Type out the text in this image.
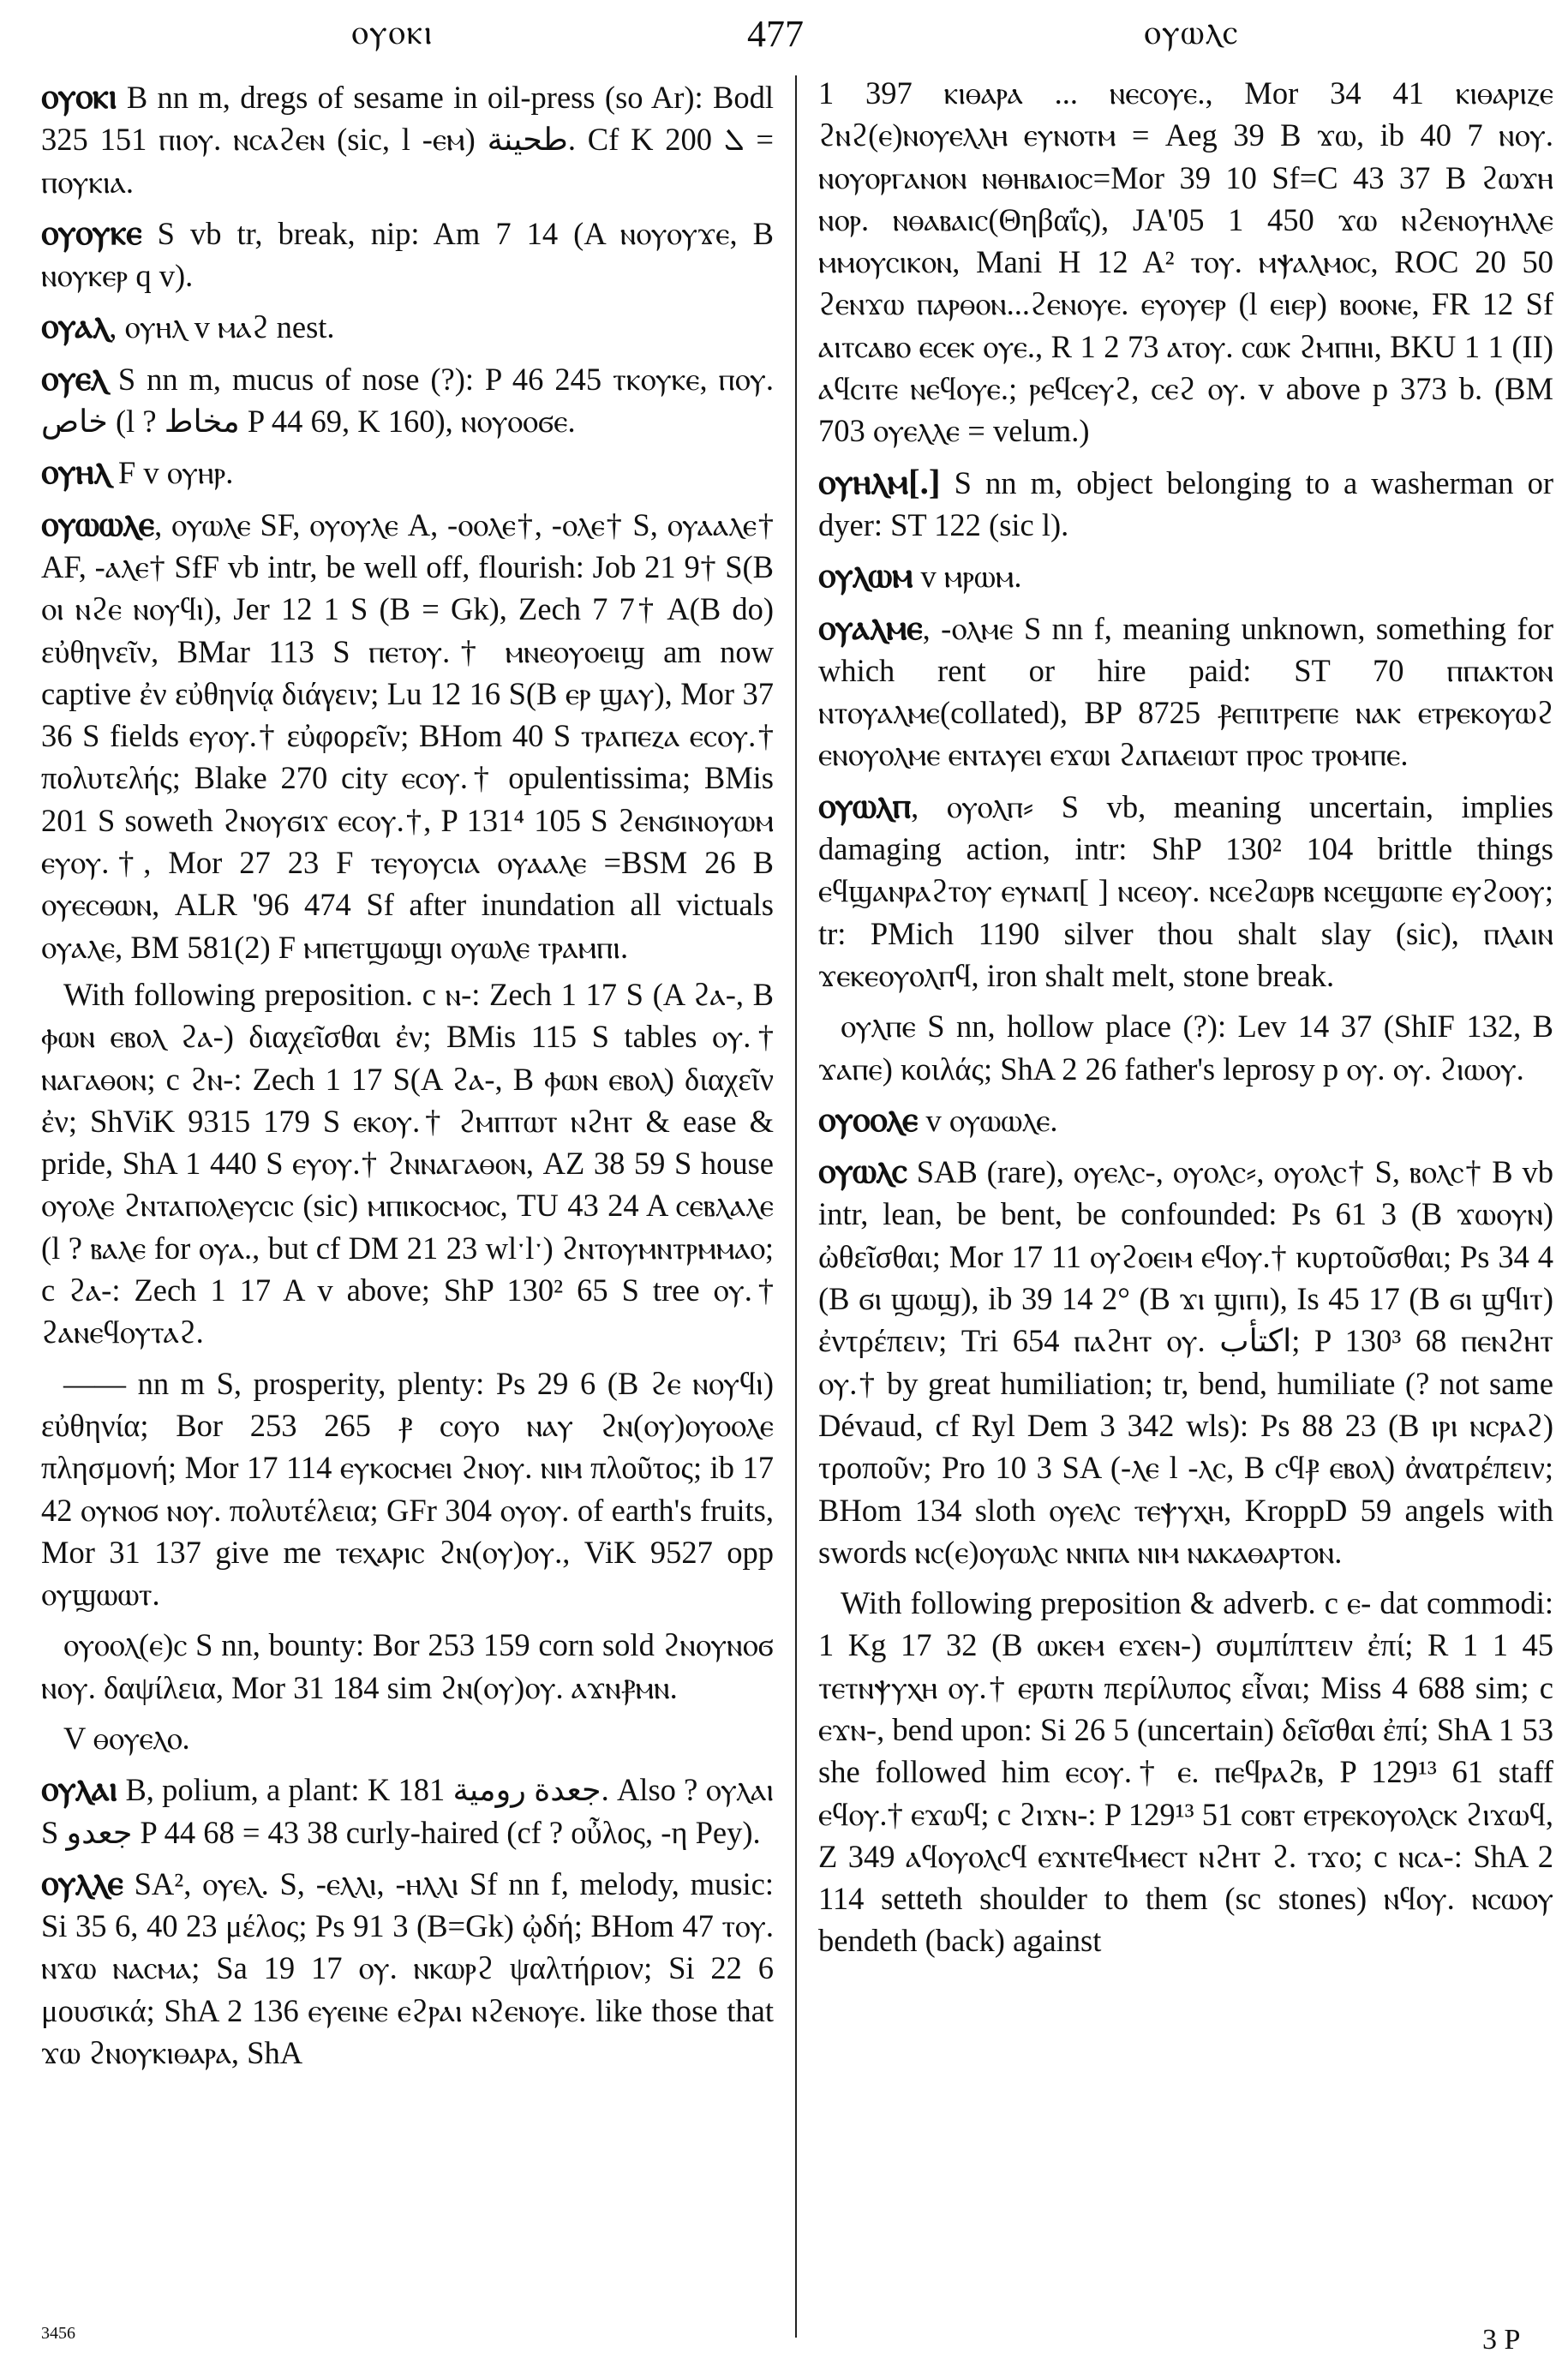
ⲟⲩⲟⲕⲓ	477	ⲟⲩⲱⲗⲥ

ⲟⲩⲟⲕⲓ B nn m, dregs of sesame in oil-press (so Ar): Bodl 325 151 ⲡⲓⲟⲩ. ⲛⲥⲁϩⲉⲛ (sic, l -ⲉⲙ) طحينة. Cf K 200 ܠ = ⲡⲟⲩⲕⲓⲁ.

ⲟⲩⲟⲩⲕⲉ S vb tr, break, nip: Am 7 14 (A ⲛⲟⲩⲟⲩϫⲉ, B ⲛⲟⲩⲕⲉⲣ q v).

ⲟⲩⲁⲗ, ⲟⲩⲏⲗ v ⲙⲁϩ nest.

ⲟⲩⲉⲗ S nn m, mucus of nose (?): P 46 245 ⲧⲕⲟⲩⲕⲉ, ⲡⲟⲩ. خاص (l ? مخاط P 44 69, K 160), ⲛⲟⲩⲟⲟϭⲉ.

ⲟⲩⲏⲗ F v ⲟⲩⲏⲣ.

ⲟⲩⲱⲱⲗⲉ, ⲟⲩⲱⲗⲉ SF, ⲟⲩⲟⲩⲗⲉ A, -ⲟⲟⲗⲉ†, -ⲟⲗⲉ† S, ⲟⲩⲁⲁⲗⲉ† AF, -ⲁⲗⲉ† SfF vb intr, be well off, flourish: Job 21 9† S(B ⲟⲓ ⲛϩⲉ ⲛⲟⲩϥⲓ), Jer 12 1 S (B = Gk), Zech 7 7† A(B do) εὐθηνεῖν, BMar 113 S ⲡⲉⲧⲟⲩ.† ⲙⲛⲉⲟⲩⲟⲉⲓϣ am now captive ἐν εὐθηνίᾳ διάγειν; Lu 12 16 S(B ⲉⲣ ϣⲁⲩ), Mor 37 36 S fields ⲉⲩⲟⲩ.† εὐφορεῖν; BHom 40 S ⲧⲣⲁⲡⲉⲍⲁ ⲉⲥⲟⲩ.† πολυτελής; Blake 270 city ⲉⲥⲟⲩ.† opulentissima; BMis 201 S soweth ϩⲛⲟⲩϭⲓϫ ⲉⲥⲟⲩ.†, P 131⁴ 105 S ϩⲉⲛϭⲓⲛⲟⲩⲱⲙ ⲉⲩⲟⲩ.†, Mor 27 23 F ⲧⲉⲩⲟⲩⲥⲓⲁ ⲟⲩⲁⲁⲗⲉ =BSM 26 B ⲟⲩⲉⲥⲑⲱⲛ, ALR '96 474 Sf after inundation all victuals ⲟⲩⲁⲗⲉ, BM 581(2) F ⲙⲡⲉⲧϣⲱϣⲓ ⲟⲩⲱⲗⲉ ⲧⲣⲁⲙⲡⲓ.

With following preposition. c ⲛ-: Zech 1 17 S (A ϩⲁ-, B ⲫⲱⲛ ⲉⲃⲟⲗ ϩⲁ-) διαχεῖσθαι ἐν; BMis 115 S tables ⲟⲩ.† ⲛⲁⲅⲁⲑⲟⲛ; c ϩⲛ-: Zech 1 17 S(A ϩⲁ-, B ⲫⲱⲛ ⲉⲃⲟⲗ) διαχεῖν ἐν; ShViK 9315 179 S ⲉⲕⲟⲩ.† ϩⲙⲡⲧⲱⲧ ⲛϩⲏⲧ & ease & pride, ShA 1 440 S ⲉⲩⲟⲩ.† ϩⲛⲛⲁⲅⲁⲑⲟⲛ, AZ 38 59 S house ⲟⲩⲟⲗⲉ ϩⲛⲧⲁⲡⲟⲗⲉⲩⲥⲓⲥ (sic) ⲙⲡⲓⲕⲟⲥⲙⲟⲥ, TU 43 24 A ⲥⲉⲃⲗⲁⲗⲉ (l ? ⲃⲁⲗⲉ for ⲟⲩⲁ., but cf DM 21 23 wlˑlˑ) ϩⲛⲧⲟⲩⲙⲛⲧⲣⲙⲙⲁⲟ; c ϩⲁ-: Zech 1 17 A v above; ShP 130² 65 S tree ⲟⲩ.† ϩⲁⲛⲉϥⲟⲩⲧⲁϩ.

—— nn m S, prosperity, plenty: Ps 29 6 (B ϩⲉ ⲛⲟⲩϥⲓ) εὐθηνία; Bor 253 265 ⳁ ⲥⲟⲩⲟ ⲛⲁⲩ ϩⲛ(ⲟⲩ)ⲟⲩⲟⲟⲗⲉ πλησμονή; Mor 17 114 ⲉⲩⲕⲟⲥⲙⲉⲓ ϩⲛⲟⲩ. ⲛⲓⲙ πλοῦτος; ib 17 42 ⲟⲩⲛⲟϭ ⲛⲟⲩ. πολυτέλεια; GFr 304 ⲟⲩⲟⲩ. of earth's fruits, Mor 31 137 give me ⲧⲉⲭⲁⲣⲓⲥ ϩⲛ(ⲟⲩ)ⲟⲩ., ViK 9527 opp ⲟⲩϣⲱⲱⲧ.

ⲟⲩⲟⲟⲗ(ⲉ)ⲥ S nn, bounty: Bor 253 159 corn sold ϩⲛⲟⲩⲛⲟϭ ⲛⲟⲩ. δαψίλεια, Mor 31 184 sim ϩⲛ(ⲟⲩ)ⲟⲩ. ⲁϫⲛⳁⲙⲛ.

V ⲑⲟⲩⲉⲗⲟ.

ⲟⲩⲗⲁⲓ B, polium, a plant: K 181 جعدة رومية. Also ? ⲟⲩⲗⲁⲓ S جعدو P 44 68 = 43 38 curly-haired (cf ? οὖλος, -η Pey).

ⲟⲩⲗⲗⲉ SA², ⲟⲩⲉⲗ. S, -ⲉⲗⲗⲓ, -ⲏⲗⲗⲓ Sf nn f, melody, music: Si 35 6, 40 23 μέλος; Ps 91 3 (B=Gk) ᾠδή; BHom 47 ⲧⲟⲩ. ⲛϫⲱ ⲛⲁⲥⲙⲁ; Sa 19 17 ⲟⲩ. ⲛⲕⲱⲣϩ ψαλτήριον; Si 22 6 μουσικά; ShA 2 136 ⲉⲩⲉⲓⲛⲉ ⲉϩⲣⲁⲓ ⲛϩⲉⲛⲟⲩⲉ. like those that ϫⲱ ϩⲛⲟⲩⲕⲓⲑⲁⲣⲁ, ShA

1 397 ⲕⲓⲑⲁⲣⲁ ... ⲛⲉⲥⲟⲩⲉ., Mor 34 41 ⲕⲓⲑⲁⲣⲓⲍⲉ ϩⲛϩ(ⲉ)ⲛⲟⲩⲉⲗⲗⲏ ⲉⲩⲛⲟⲧⲙ = Aeg 39 B ϫⲱ, ib 40 7 ⲛⲟⲩ. ⲛⲟⲩⲟⲣⲅⲁⲛⲟⲛ ⲛⲑⲏⲃⲁⲓⲟⲥ=Mor 39 10 Sf=C 43 37 B ϩⲱϫⲏ ⲛⲟⲣ. ⲛⲑⲁⲃⲁⲓⲥ(Θηβαΐς), JA'05 1 450 ϫⲱ ⲛϩⲉⲛⲟⲩⲏⲗⲗⲉ ⲙⲙⲟⲩⲥⲓⲕⲟⲛ, Mani H 12 A² ⲧⲟⲩ. ⲙⲯⲁⲗⲙⲟⲥ, ROC 20 50 ϩⲉⲛϫⲱ ⲡⲁⲣⲑⲟⲛ...ϩⲉⲛⲟⲩⲉ. ⲉⲩⲟⲩⲉⲣ (l ⲉⲓⲉⲣ) ⲃⲟⲟⲛⲉ, FR 12 Sf ⲁⲓⲧⲥⲁⲃⲟ ⲉⲥⲉⲕ ⲟⲩⲉ., R 1 2 73 ⲁⲧⲟⲩ. ⲥⲱⲕ ϩⲙⲡⲏⲓ, BKU 1 1 (II) ⲁϥⲥⲓⲧⲉ ⲛⲉϥⲟⲩⲉ.; ⲣⲉϥⲥⲉⲩϩ, ⲥⲉϩ ⲟⲩ. v above p 373 b. (BM 703 ⲟⲩⲉⲗⲗⲉ = velum.)

ⲟⲩⲏⲗⲙ[.] S nn m, object belonging to a washerman or dyer: ST 122 (sic l).

ⲟⲩⲗⲱⲙ v ⲙⲣⲱⲙ.

ⲟⲩⲁⲗⲙⲉ, -ⲟⲗⲙⲉ S nn f, meaning unknown, something for which rent or hire paid: ST 70 ⲡⲡⲁⲕⲧⲟⲛ ⲛⲧⲟⲩⲁⲗⲙⲉ(collated), BP 8725 ⳁⲉⲡⲓⲧⲣⲉⲡⲉ ⲛⲁⲕ ⲉⲧⲣⲉⲕⲟⲩⲱϩ ⲉⲛⲟⲩⲟⲗⲙⲉ ⲉⲛⲧⲁⲩⲉⲓ ⲉϫⲱⲓ ϩⲁⲡⲁⲉⲓⲱⲧ ⲡⲣⲟⲥ ⲧⲣⲟⲙⲡⲉ.

ⲟⲩⲱⲗⲡ, ⲟⲩⲟⲗⲡ⸗ S vb, meaning uncertain, implies damaging action, intr: ShP 130² 104 brittle things ⲉϥϣⲁⲛⲣⲁϩⲧⲟⲩ ⲉⲩⲛⲁⲡ[ ] ⲛⲥⲉⲟⲩ. ⲛⲥⲉϩⲱⲣⲃ ⲛⲥⲉϣⲱⲡⲉ ⲉⲩϩⲟⲟⲩ; tr: PMich 1190 silver thou shalt slay (sic), ⲡⲗⲁⲓⲛ ϫⲉⲕⲉⲟⲩⲟⲗⲡϥ, iron shalt melt, stone break.

ⲟⲩⲗⲡⲉ S nn, hollow place (?): Lev 14 37 (ShIF 132, B ϫⲁⲡⲉ) κοιλάς; ShA 2 26 father's leprosy p ⲟⲩ. ⲟⲩ. ϩⲓⲱⲟⲩ.

ⲟⲩⲟⲟⲗⲉ v ⲟⲩⲱⲱⲗⲉ.

ⲟⲩⲱⲗⲥ SAB (rare), ⲟⲩⲉⲗⲥ-, ⲟⲩⲟⲗⲥ⸗, ⲟⲩⲟⲗⲥ† S, ⲃⲟⲗⲥ† B vb intr, lean, be bent, be confounded: Ps 61 3 (B ϫⲱⲟⲩⲛ) ὠθεῖσθαι; Mor 17 11 ⲟⲩϩⲟⲉⲓⲙ ⲉϥⲟⲩ.† κυρτοῦσθαι; Ps 34 4 (B ϭⲓ ϣⲱϣ), ib 39 14 2° (B ϫⲓ ϣⲓⲡⲓ), Is 45 17 (B ϭⲓ ϣϥⲓⲧ) ἐντρέπειν; Tri 654 ⲡⲁϩⲏⲧ ⲟⲩ. اكتأب; P 130³ 68 ⲡⲉⲛϩⲏⲧ ⲟⲩ.† by great humiliation; tr, bend, humiliate (? not same Dévaud, cf Ryl Dem 3 342 wls): Ps 88 23 (B ⲓⲣⲓ ⲛⲥⲣⲁϩ) τροποῦν; Pro 10 3 SA (-ⲗⲉ l -ⲗⲥ, B ⲥϥⳁ ⲉⲃⲟⲗ) ἀνατρέπειν; BHom 134 sloth ⲟⲩⲉⲗⲥ ⲧⲉⲯⲩⲭⲏ, KroppD 59 angels with swords ⲛⲥ(ⲉ)ⲟⲩⲱⲗⲥ ⲛⲛⲡⲁ ⲛⲓⲙ ⲛⲁⲕⲁⲑⲁⲣⲧⲟⲛ.

With following preposition & adverb. c ⲉ- dat commodi: 1 Kg 17 32 (B ⲱⲕⲉⲙ ⲉϫⲉⲛ-) συμπίπτειν ἐπί; R 1 1 45 ⲧⲉⲧⲛⲯⲩⲭⲏ ⲟⲩ.† ⲉⲣⲱⲧⲛ περίλυπος εἶναι; Miss 4 688 sim; c ⲉϫⲛ-, bend upon: Si 26 5 (uncertain) δεῖσθαι ἐπί; ShA 1 53 she followed him ⲉⲥⲟⲩ.† ⲉ. ⲡⲉϥⲣⲁϩⲃ, P 129¹³ 61 staff ⲉϥⲟⲩ.† ⲉϫⲱϥ; c ϩⲓϫⲛ-: P 129¹³ 51 ⲥⲟⲃⲧ ⲉⲧⲣⲉⲕⲟⲩⲟⲗⲥⲕ ϩⲓϫⲱϥ, Z 349 ⲁϥⲟⲩⲟⲗⲥϥ ⲉϫⲛⲧⲉϥⲙⲉⲥⲧ ⲛϩⲏⲧ ϩ. ⲧϫⲟ; c ⲛⲥⲁ-: ShA 2 114 setteth shoulder to them (sc stones) ⲛϥⲟⲩ. ⲛⲥⲱⲟⲩ bendeth (back) against

3456	3 P
